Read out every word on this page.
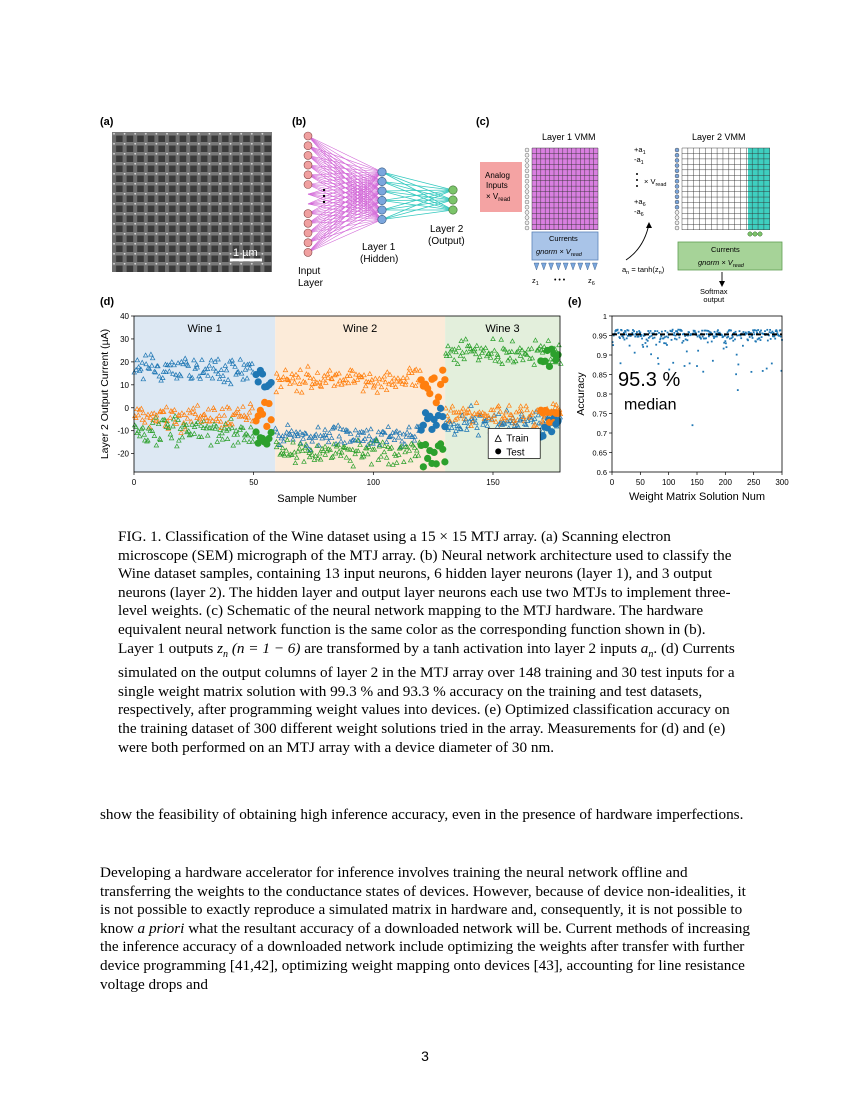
(a)	(b)	(c)
(d)	(e)
1 µm
Input
Layer
Layer 1
(Hidden)
Layer 2
(Output)
Layer 1 VMM	Layer 2 VMM
Analog
Inputs
× $V_{read}$
Currents
gnorm × $V_{read}$
$z_1$ • • •	$z_6$
$+a_1$
$-a_1$
× $V_{read}$
$+a_6$
$-a_6$
$a_n = \tanh(z_n)$
Currents
gnorm × $V_{read}$
Softmax
output
Wine 1	Wine 2	Wine 3
0	50	100	150
-20
-10
0
10
20
30
40
Sample Number
Layer 2 Output Current (µA)	Train
Test
0	50 100 150 200 250 300
0.6
0.65
0.7
0.75
0.8
0.85
0.9
0.95
1
Weight Matrix Solution Num
Accuracy 95.3 %
median
FIG. 1. Classification of the Wine dataset using a 15 × 15 MTJ array. (a) Scanning electron microscope (SEM) micrograph of the MTJ array. (b) Neural network architecture used to classify the Wine dataset samples, containing 13 input neurons, 6 hidden layer neurons (layer 1), and 3 output neurons (layer 2). The hidden layer and output layer neurons each use two MTJs to implement three-level weights. (c) Schematic of the neural network mapping to the MTJ hardware. The hardware equivalent neural network function is the same color as the corresponding function shown in (b). Layer 1 outputs $z_n$ (n = 1 − 6) are transformed by a tanh activation into layer 2 inputs $a_n$. (d) Currents simulated on the output columns of layer 2 in the MTJ array over 148 training and 30 test inputs for a single weight matrix solution with 99.3 % and 93.3 % accuracy on the training and test datasets, respectively, after programming weight values into devices. (e) Optimized classification accuracy on the training dataset of 300 different weight solutions tried in the array. Measurements for (d) and (e) were both performed on an MTJ array with a device diameter of 30 nm.

show the feasibility of obtaining high inference accuracy, even in the presence of hardware imperfections.

Developing a hardware accelerator for inference involves training the neural network offline and transferring the weights to the conductance states of devices. However, because of device non-idealities, it is not possible to exactly reproduce a simulated matrix in hardware and, consequently, it is not possible to know a priori what the resultant accuracy of a downloaded network will be. Current methods of increasing the inference accuracy of a downloaded network include optimizing the weights after transfer with further device programming [41,42], optimizing weight mapping onto devices [43], accounting for line resistance voltage drops and

3
